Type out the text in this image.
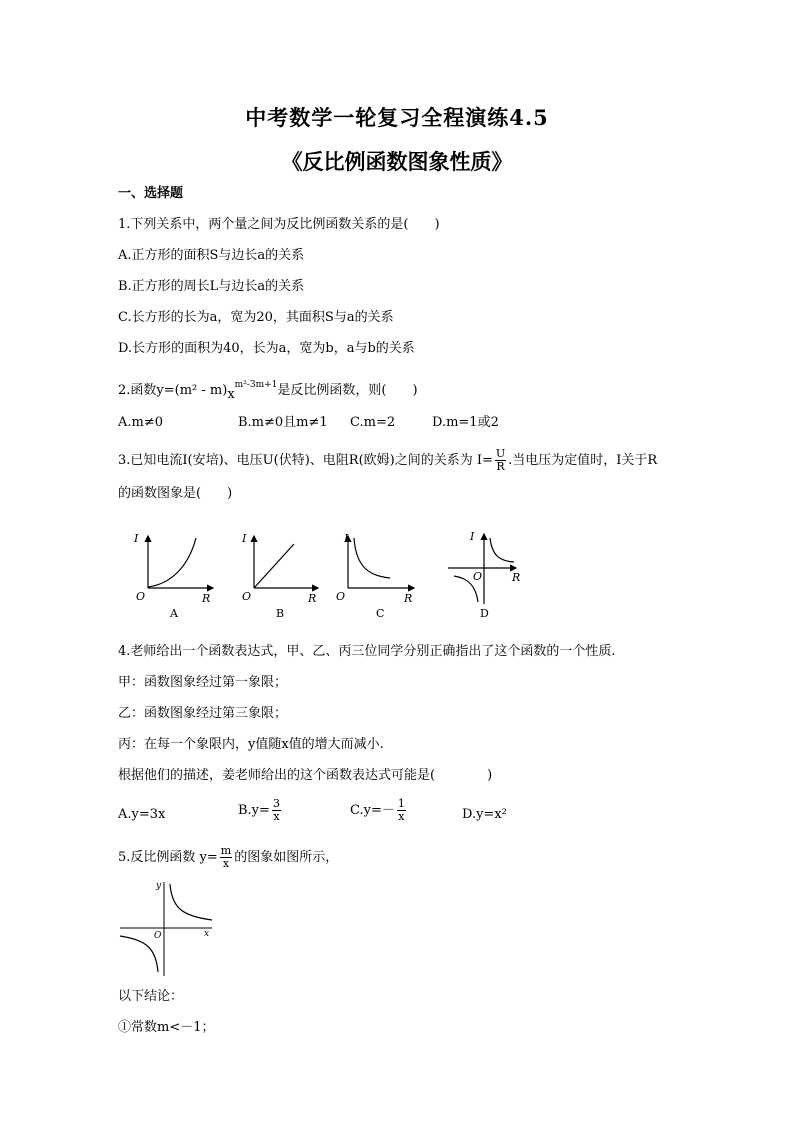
中考数学一轮复习全程演练4.5
《反比例函数图象性质》
一、选择题
1.下列关系中，两个量之间为反比例函数关系的是(　　)
A.正方形的面积S与边长a的关系
B.正方形的周长L与边长a的关系
C.长方形的长为a，宽为20，其面积S与a的关系
D.长方形的面积为40，长为a，宽为b，a与b的关系
2.函数$y=(m^2 - m)x^{m^2-3m+1}$是反比例函数，则(　　)
A.m≠0	B.m≠0且m≠1 C.m=2	D.m=1或2
3.已知电流I(安培)、电压U(伏特)、电阻R(欧姆)之间的关系为 $I= \frac{U}{R}$ .当电压为定值时，I关于R
的函数图象是(　　)
I
O	R
A
I
O	R
B
I
O	R
C
I
O	R
D
4.老师给出一个函数表达式，甲、乙、丙三位同学分别正确指出了这个函数的一个性质.
甲：函数图象经过第一象限；
乙：函数图象经过第三象限；
丙：在每一个象限内，y值随x值的增大而减小.
根据他们的描述，姜老师给出的这个函数表达式可能是(　　　　)
A.y=3x	$B.y= \frac{3}{x}$	$C.y=- \frac{1}{x}$	D.y=x²
5.反比例函数 $y= \frac{m}{x}$ 的图象如图所示，
y
O	x
以下结论：
①常数m<－1；
